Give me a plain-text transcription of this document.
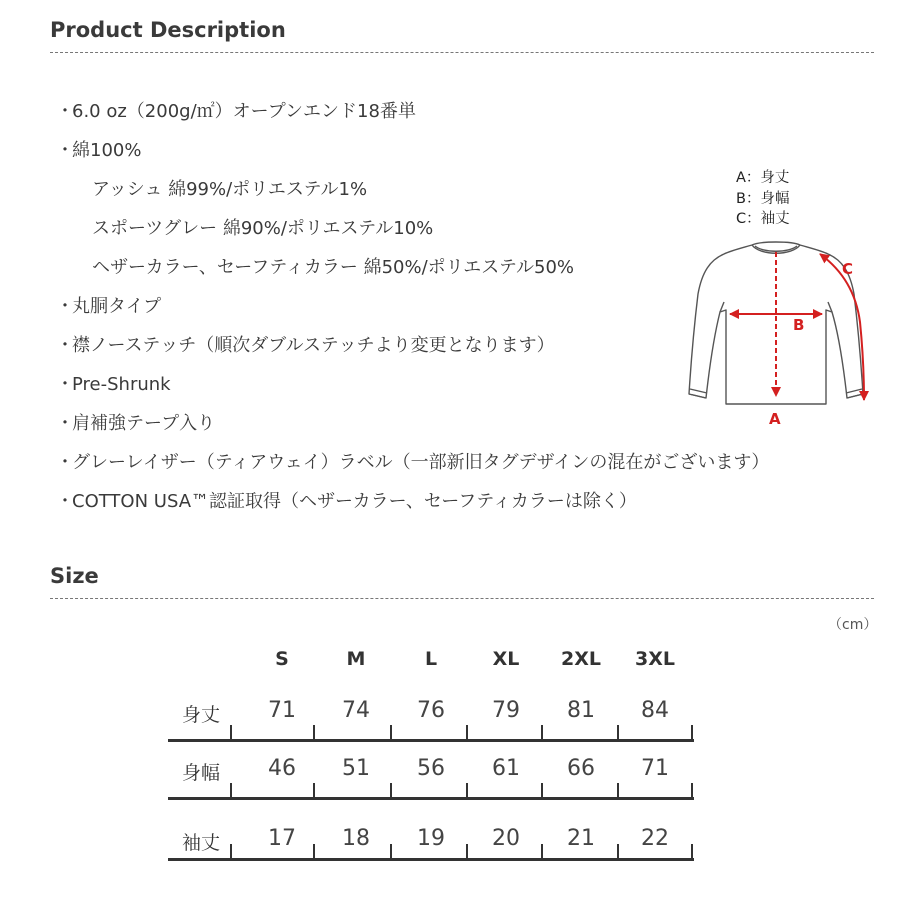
Product Description
・6.0 oz（200g/㎡）オープンエンド18番単
・綿100%
アッシュ 綿99%/ポリエステル1%
スポーツグレー 綿90%/ポリエステル10%
ヘザーカラー、セーフティカラー 綿50%/ポリエステル50%
・丸胴タイプ
・襟ノーステッチ（順次ダブルステッチより変更となります）
・Pre-Shrunk
・肩補強テープ入り
・グレーレイザー（ティアウェイ）ラベル（一部新旧タグデザインの混在がございます）
・COTTON USA™認証取得（ヘザーカラー、セーフティカラーは除く）
A：身丈
B：身幅
C：袖丈
A
B
C
Size
（cm）
S	M	L	XL 2XL 3XL
身丈 71 74 76 79 81 84
身幅 46 51 56 61 66 71
袖丈 17 18 19 20 21 22
